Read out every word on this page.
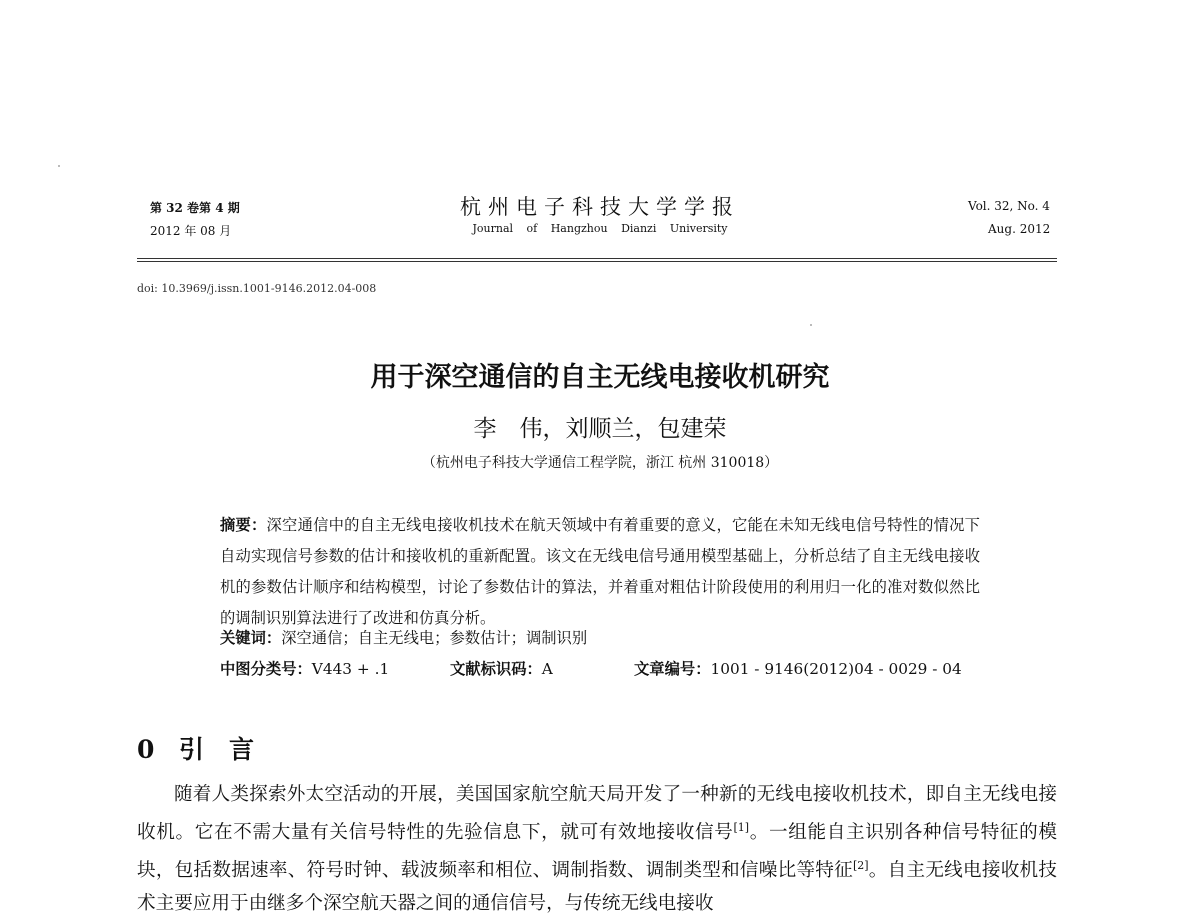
第 32 卷第 4 期
2012 年 08 月
杭州电子科技大学学报
Journal of Hangzhou Dianzi University
Vol. 32, No. 4
Aug. 2012
doi: 10.3969/j.issn.1001-9146.2012.04-008
用于深空通信的自主无线电接收机研究
李　伟，刘顺兰，包建荣
（杭州电子科技大学通信工程学院，浙江 杭州 310018）
摘要：深空通信中的自主无线电接收机技术在航天领域中有着重要的意义，它能在未知无线电信号特性的情况下自动实现信号参数的估计和接收机的重新配置。该文在无线电信号通用模型基础上，分析总结了自主无线电接收机的参数估计顺序和结构模型，讨论了参数估计的算法，并着重对粗估计阶段使用的利用归一化的准对数似然比的调制识别算法进行了改进和仿真分析。
关键词：深空通信；自主无线电；参数估计；调制识别
中图分类号：V443 + .1	文献标识码：A	文章编号：1001 - 9146(2012)04 - 0029 - 04
0 引　言

随着人类探索外太空活动的开展，美国国家航空航天局开发了一种新的无线电接收机技术，即自主无线电接收机。它在不需大量有关信号特性的先验信息下，就可有效地接收信号[1]。一组能自主识别各种信号特征的模块，包括数据速率、符号时钟、载波频率和相位、调制指数、调制类型和信噪比等特征[2]。自主无线电接收机技术主要应用于由继多个深空航天器之间的通信信号，与传统无线电接收
